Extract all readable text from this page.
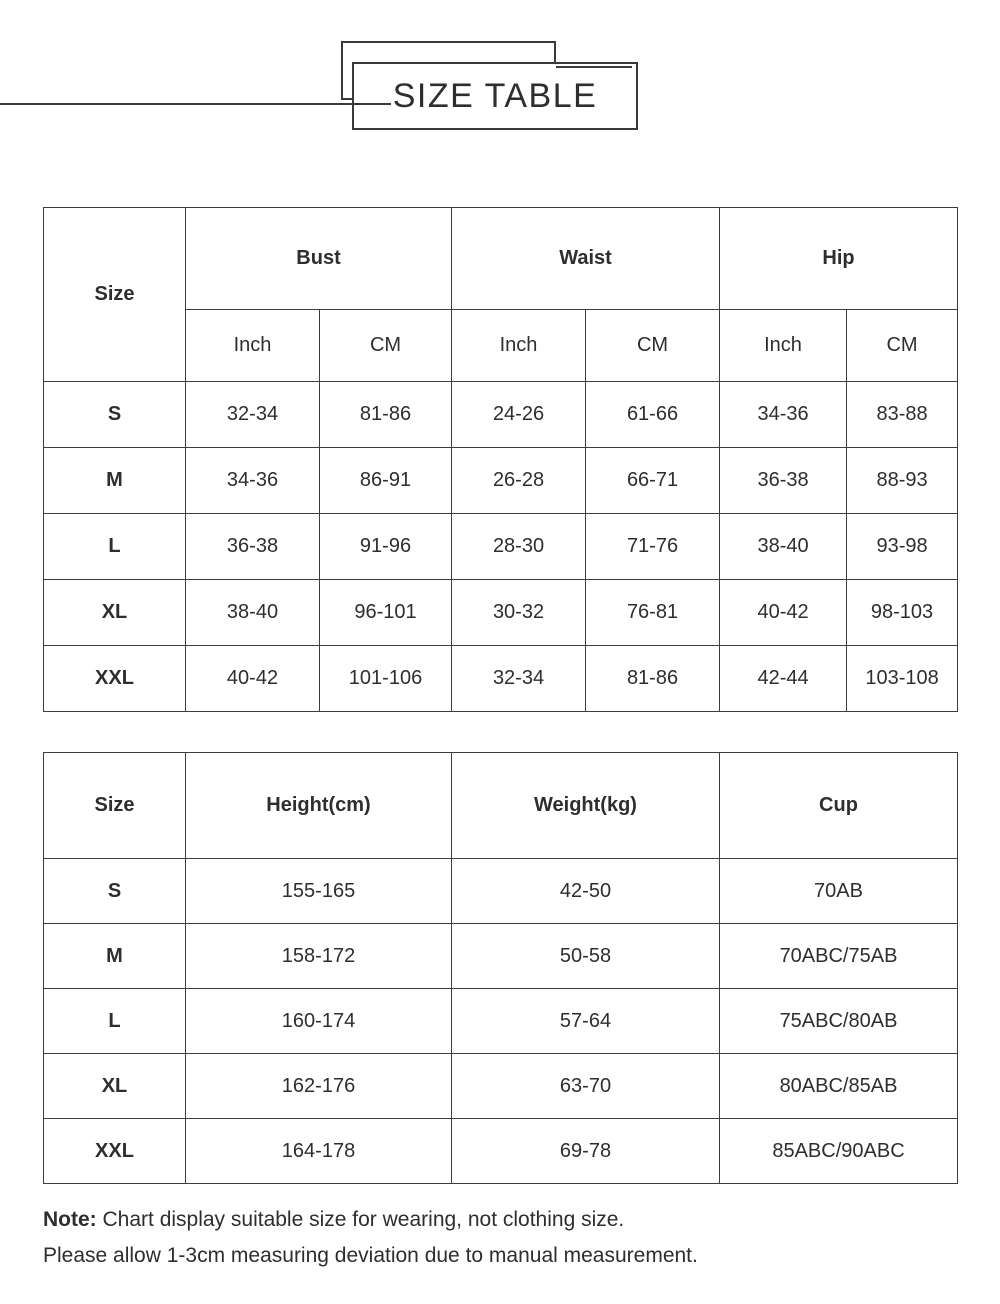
SIZE TABLE
Size	Bust		Waist		Hip	
	Inch	CM	Inch	CM	Inch	CM
S	32-34	81-86	24-26	61-66	34-36	83-88
M	34-36	86-91	26-28	66-71	36-38	88-93
L	36-38	91-96	28-30	71-76	38-40	93-98
XL	38-40	96-101	30-32	76-81	40-42	98-103
XXL	40-42	101-106	32-34	81-86	42-44	103-108
Size	Height(cm)	Weight(kg)	Cup
S	155-165	42-50	70AB
M	158-172	50-58	70ABC/75AB
L	160-174	57-64	75ABC/80AB
XL	162-176	63-70	80ABC/85AB
XXL	164-178	69-78	85ABC/90ABC

Note: Chart display suitable size for wearing, not clothing size.

Please allow 1-3cm measuring deviation due to manual measurement.
